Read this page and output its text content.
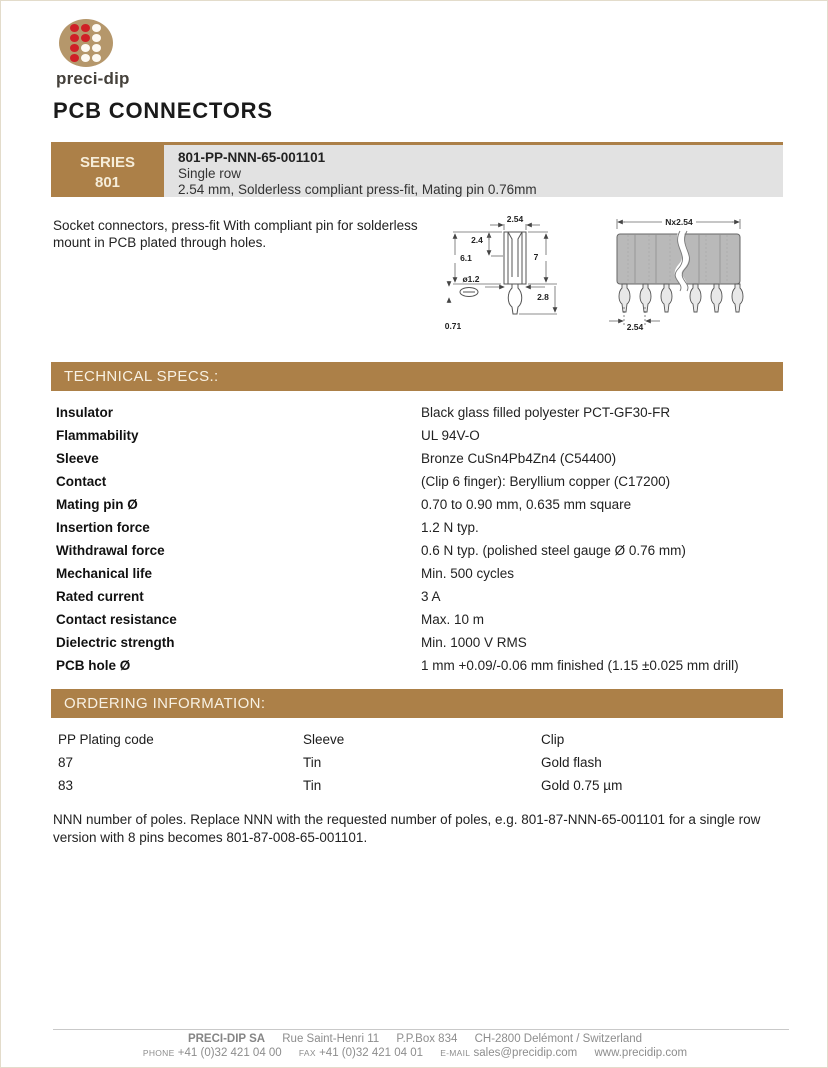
preci-dip
PCB CONNECTORS
SERIES
801
801-PP-NNN-65-001101
Single row
2.54 mm, Solderless compliant press-fit, Mating pin 0.76mm

Socket connectors, press-fit With compliant pin for solderless mount in PCB plated through holes.

2.54
2.4
6.1	7
2.8
ø1.2
0.71
Nx2.54
2.54
TECHNICAL SPECS.:
Insulator	Black glass filled polyester PCT-GF30-FR
Flammability	UL 94V-O
Sleeve	Bronze CuSn4Pb4Zn4 (C54400)
Contact	(Clip 6 finger): Beryllium copper (C17200)
Mating pin Ø	0.70 to 0.90 mm, 0.635 mm square
Insertion force	1.2 N typ.
Withdrawal force	0.6 N typ. (polished steel gauge Ø 0.76 mm)
Mechanical life	Min. 500 cycles
Rated current	3 A
Contact resistance	Max. 10 m
Dielectric strength	Min. 1000 V RMS
PCB hole Ø	1 mm +0.09/-0.06 mm finished (1.15 ±0.025 mm drill)
ORDERING INFORMATION:
PP Plating code	Sleeve	Clip
87	Tin	Gold flash
83	Tin	Gold 0.75 µm

NNN number of poles. Replace NNN with the requested number of poles, e.g. 801-87-NNN-65-001101 for a single row version with 8 pins becomes 801-87-008-65-001101.

PRECI-DIP SA Rue Saint-Henri 11 P.P.Box 834 CH-2800 Delémont / Switzerland
PHONE +41 (0)32 421 04 00 FAX +41 (0)32 421 04 01 E-MAIL sales@precidip.com www.precidip.com
